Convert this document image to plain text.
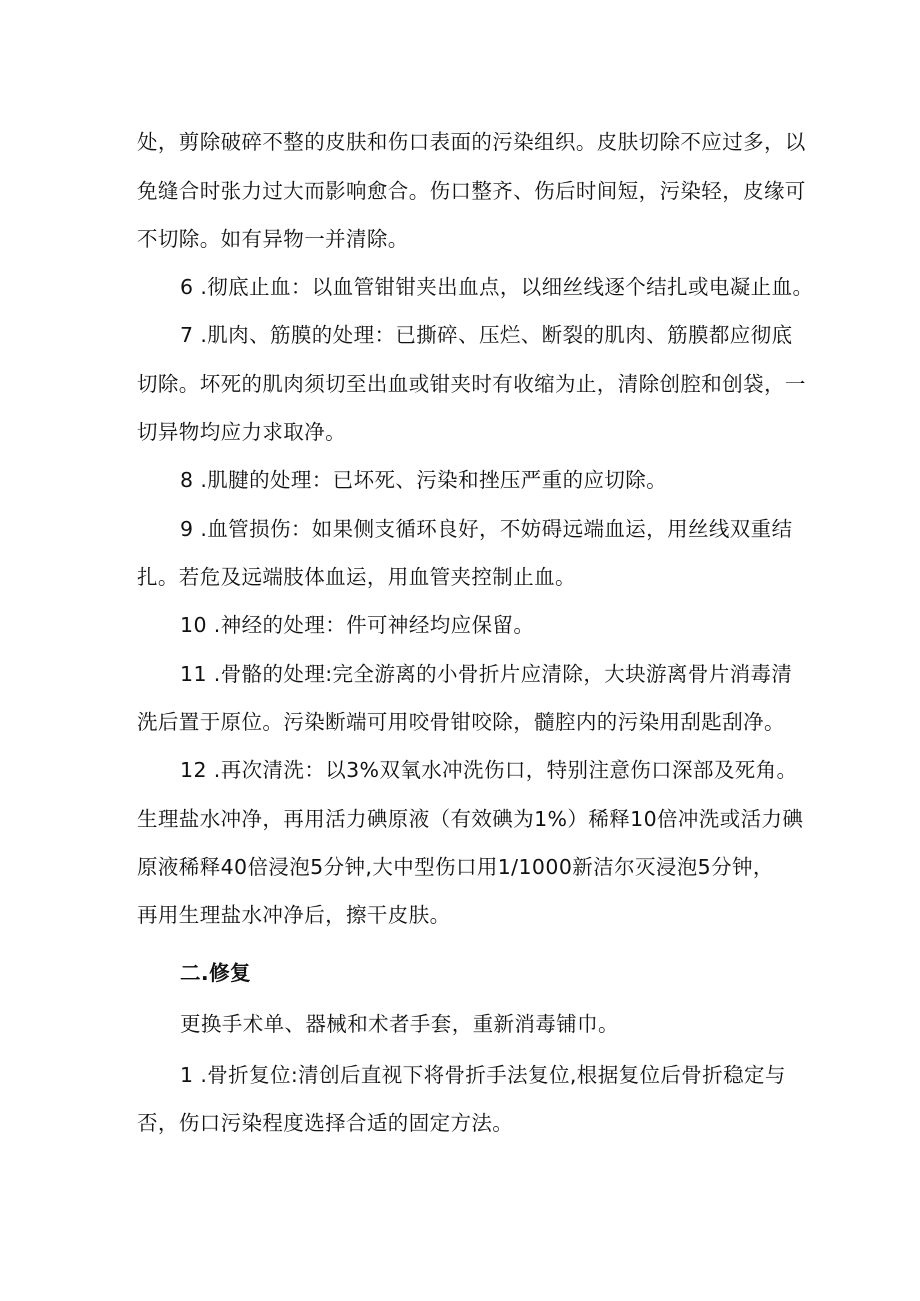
处，剪除破碎不整的皮肤和伤口表面的污染组织。皮肤切除不应过多，以
免缝合时张力过大而影响愈合。伤口整齐、伤后时间短，污染轻，皮缘可
不切除。如有异物一并清除。
6 .彻底止血：以血管钳钳夹出血点，以细丝线逐个结扎或电凝止血。
7 .肌肉、筋膜的处理：已撕碎、压烂、断裂的肌肉、筋膜都应彻底
切除。坏死的肌肉须切至出血或钳夹时有收缩为止，清除创腔和创袋，一
切异物均应力求取净。
8 .肌腱的处理：已坏死、污染和挫压严重的应切除。
9 .血管损伤：如果侧支循环良好，不妨碍远端血运，用丝线双重结
扎。若危及远端肢体血运，用血管夹控制止血。
10 .神经的处理：件可神经均应保留。
11 .骨骼的处理:完全游离的小骨折片应清除，大块游离骨片消毒清
洗后置于原位。污染断端可用咬骨钳咬除，髓腔内的污染用刮匙刮净。
12 .再次清洗：以3%双氧水冲洗伤口，特别注意伤口深部及死角。
生理盐水冲净，再用活力碘原液（有效碘为1%）稀释10倍冲洗或活力碘
原液稀释40倍浸泡5分钟,大中型伤口用1/1000新洁尔灭浸泡5分钟，
再用生理盐水冲净后，擦干皮肤。
二.修复
更换手术单、器械和术者手套，重新消毒铺巾。
1 .骨折复位:清创后直视下将骨折手法复位,根据复位后骨折稳定与
否，伤口污染程度选择合适的固定方法。
